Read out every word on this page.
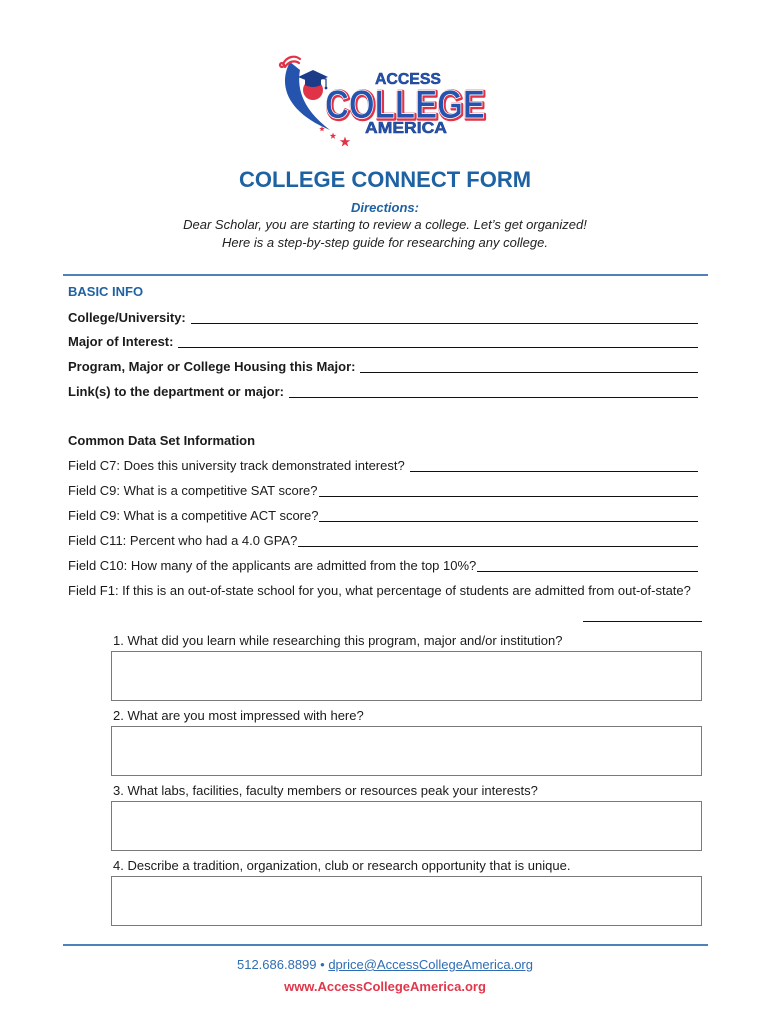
ACCESS
COLLEGE
COLLEGE
AMERICA
COLLEGE CONNECT FORM
Directions:
Dear Scholar, you are starting to review a college. Let’s get organized!
Here is a step-by-step guide for researching any college.
BASIC INFO
College/University:
Major of Interest:
Program, Major or College Housing this Major:
Link(s) to the department or major:
Common Data Set Information
Field C7: Does this university track demonstrated interest?
Field C9: What is a competitive SAT score?
Field C9: What is a competitive ACT score?
Field C11: Percent who had a 4.0 GPA?
Field C10: How many of the applicants are admitted from the top 10%?
Field F1: If this is an out-of-state school for you, what percentage of students are admitted from out-of-state?
1. What did you learn while researching this program, major and/or institution?
2. What are you most impressed with here?
3. What labs, facilities, faculty members or resources peak your interests?
4. Describe a tradition, organization, club or research opportunity that is unique.
512.686.8899 • dprice@AccessCollegeAmerica.org
www.AccessCollegeAmerica.org
